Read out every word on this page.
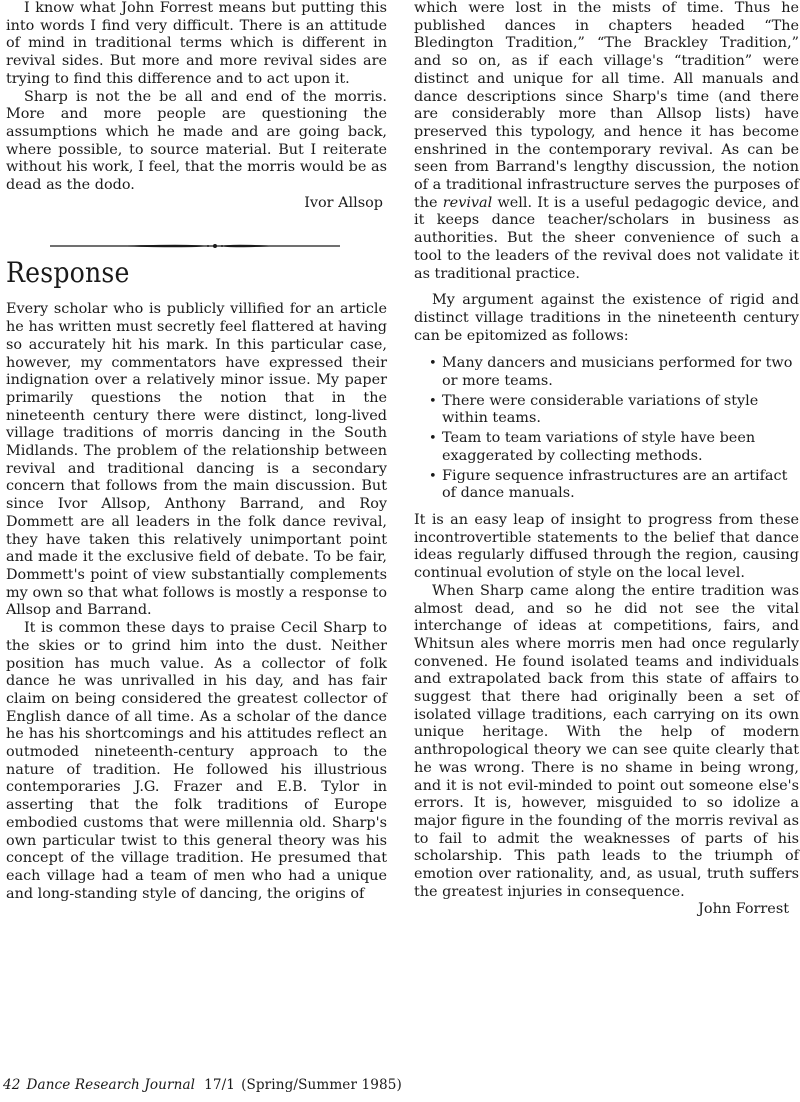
I know what John Forrest means but putting this into words I find very difficult. There is an attitude of mind in traditional terms which is different in revival sides. But more and more revival sides are trying to find this difference and to act upon it.

Sharp is not the be all and end of the morris. More and more people are questioning the assumptions which he made and are going back, where possible, to source material. But I reiterate without his work, I feel, that the morris would be as dead as the dodo.

Ivor Allsop

Response

Every scholar who is publicly villified for an article he has written must secretly feel flattered at having so accurately hit his mark. In this particular case, however, my commentators have expressed their indignation over a relatively minor issue. My paper primarily questions the notion that in the nineteenth century there were distinct, long-lived village traditions of morris dancing in the South Midlands. The problem of the relationship between revival and traditional dancing is a secondary concern that follows from the main discussion. But since Ivor Allsop, Anthony Barrand, and Roy Dommett are all leaders in the folk dance revival, they have taken this relatively unimportant point and made it the exclusive field of debate. To be fair, Dommett's point of view substantially complements my own so that what follows is mostly a response to Allsop and Barrand.

It is common these days to praise Cecil Sharp to the skies or to grind him into the dust. Neither position has much value. As a collector of folk dance he was unrivalled in his day, and has fair claim on being considered the greatest collector of English dance of all time. As a scholar of the dance he has his shortcomings and his attitudes reflect an outmoded nineteenth-century approach to the nature of tradition. He followed his illustrious contemporaries J.G. Frazer and E.B. Tylor in asserting that the folk traditions of Europe embodied customs that were millennia old. Sharp's own particular twist to this general theory was his concept of the village tradition. He presumed that each village had a team of men who had a unique and long-standing style of dancing, the origins of

which were lost in the mists of time. Thus he published dances in chapters headed “The Bledington Tradition,” “The Brackley Tradition,” and so on, as if each village's “tradition” were distinct and unique for all time. All manuals and dance descriptions since Sharp's time (and there are considerably more than Allsop lists) have preserved this typology, and hence it has become enshrined in the contemporary revival. As can be seen from Barrand's lengthy discussion, the notion of a traditional infrastructure serves the purposes of the revival well. It is a useful pedagogic device, and it keeps dance teacher/scholars in business as authorities. But the sheer convenience of such a tool to the leaders of the revival does not validate it as traditional practice.

My argument against the existence of rigid and distinct village traditions in the nineteenth century can be epitomized as follows:

• Many dancers and musicians performed for two or more teams.
• There were considerable variations of style within teams.
• Team to team variations of style have been exaggerated by collecting methods.
• Figure sequence infrastructures are an artifact of dance manuals.

It is an easy leap of insight to progress from these incontrovertible statements to the belief that dance ideas regularly diffused through the region, causing continual evolution of style on the local level.

When Sharp came along the entire tradition was almost dead, and so he did not see the vital interchange of ideas at competitions, fairs, and Whitsun ales where morris men had once regularly convened. He found isolated teams and individuals and extrapolated back from this state of affairs to suggest that there had originally been a set of isolated village traditions, each carrying on its own unique heritage. With the help of modern anthropological theory we can see quite clearly that he was wrong. There is no shame in being wrong, and it is not evil-minded to point out someone else's errors. It is, however, misguided to so idolize a major figure in the founding of the morris revival as to fail to admit the weaknesses of parts of his scholarship. This path leads to the triumph of emotion over rationality, and, as usual, truth suffers the greatest injuries in consequence.

John Forrest

42 Dance Research Journal 17/1 (Spring/Summer 1985)
